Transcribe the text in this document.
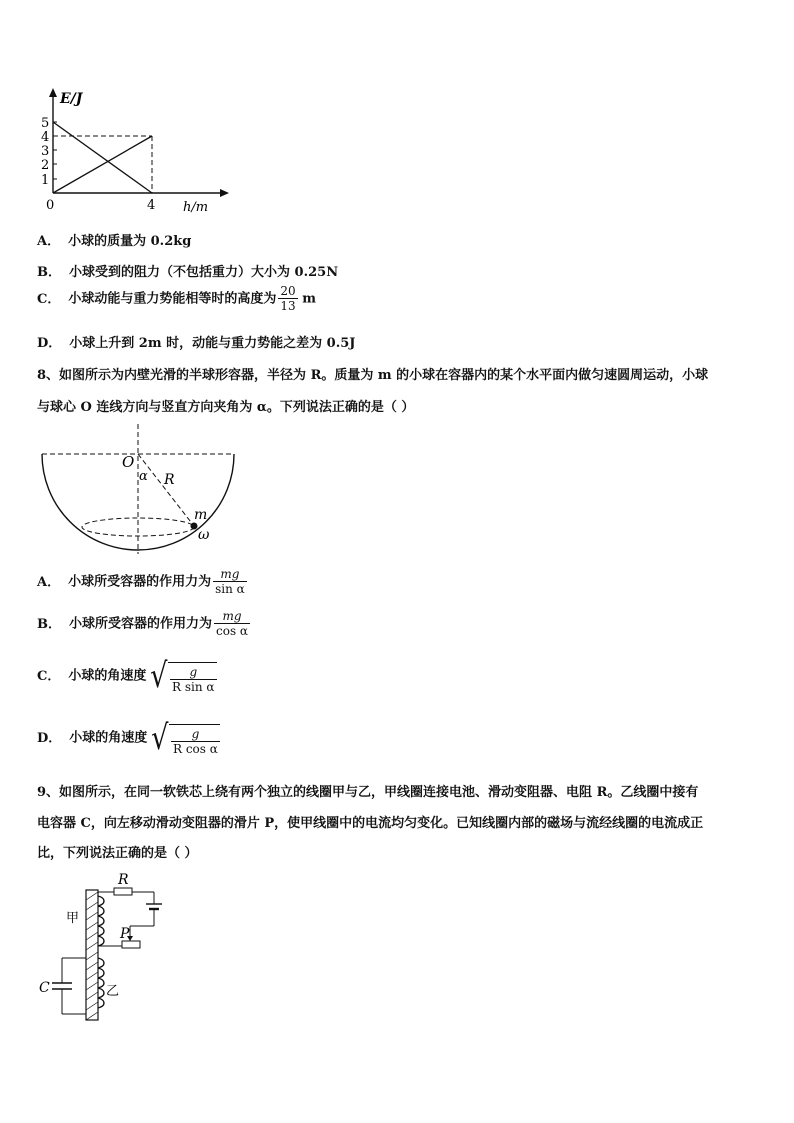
E/J
5
4
3
2
1
0	4 h/m
A． 小球的质量为 0.2kg
B． 小球受到的阻力（不包括重力）大小为 0.25N
C． 小球动能与重力势能相等时的高度为 $\frac{20}{13}$ m
D． 小球上升到 2m 时，动能与重力势能之差为 0.5J
8、如图所示为内壁光滑的半球形容器，半径为 R。质量为 m 的小球在容器内的某个水平面内做匀速圆周运动，小球
与球心 O 连线方向与竖直方向夹角为 α。下列说法正确的是（ ）
O
α R
m
ω
A． 小球所受容器的作用力为 $\frac{mg}{\text{sin α}}$
B． 小球所受容器的作用力为 $\frac{mg}{\text{cos α}}$
C． 小球的角速度 √ $\frac{g}{\text{R sin α}}$
D． 小球的角速度 √ $\frac{g}{\text{R cos α}}$
9、如图所示，在同一软铁芯上绕有两个独立的线圈甲与乙，甲线圈连接电池、滑动变阻器、电阻 R。乙线圈中接有
电容器 C，向左移动滑动变阻器的滑片 P，使甲线圈中的电流均匀变化。已知线圈内部的磁场与流经线圈的电流成正
比，下列说法正确的是（ ）
R
甲
P
C	乙
